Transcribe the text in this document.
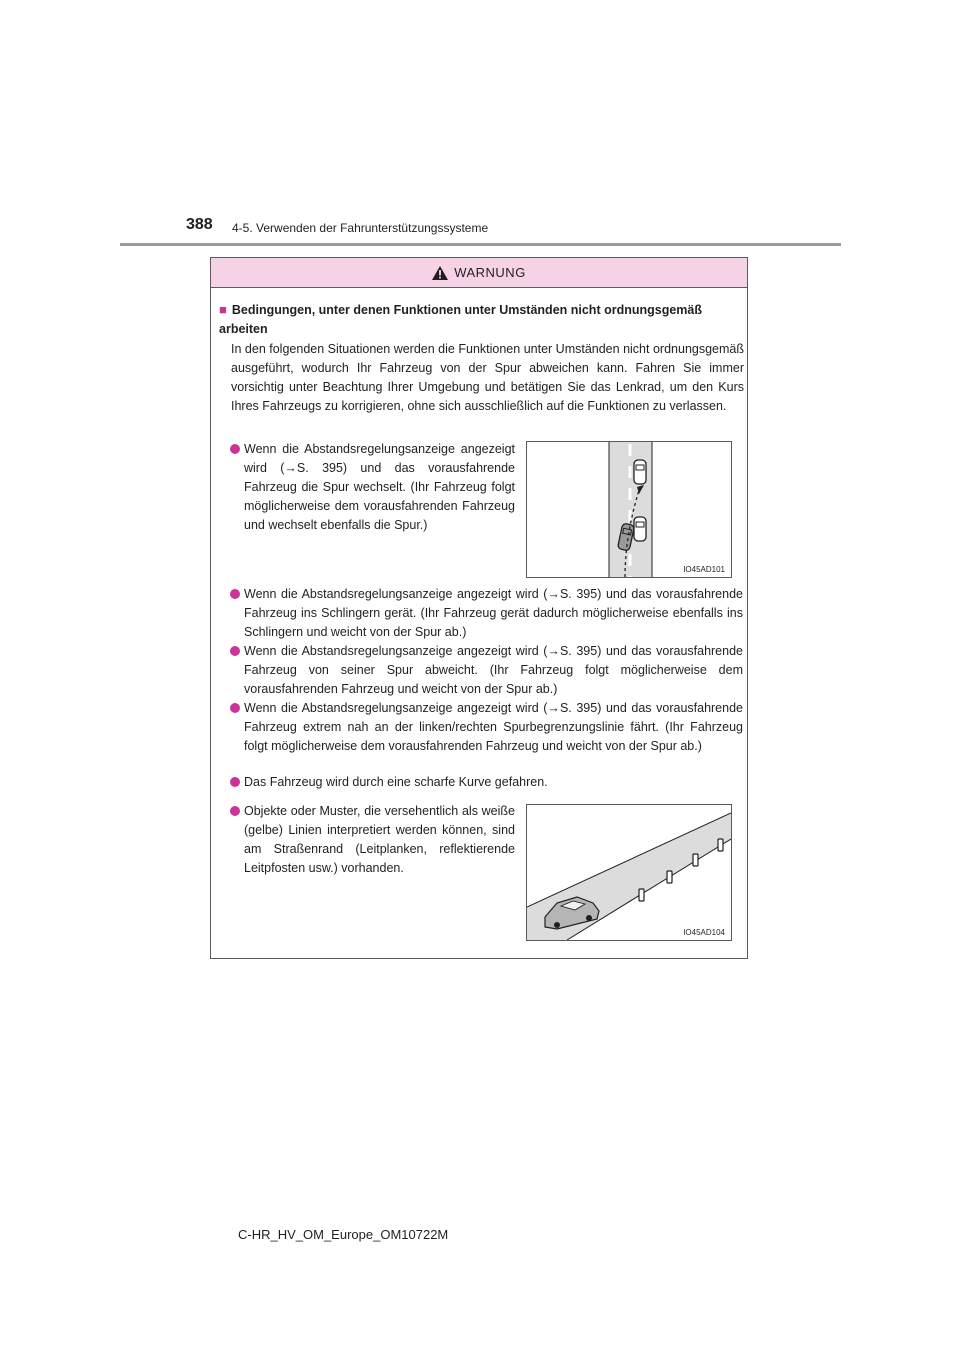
388 4-5. Verwenden der Fahrunterstützungssysteme
WARNUNG
■ Bedingungen, unter denen Funktionen unter Umständen nicht ordnungsgemäß arbeiten
In den folgenden Situationen werden die Funktionen unter Umständen nicht ordnungsgemäß ausgeführt, wodurch Ihr Fahrzeug von der Spur abweichen kann. Fahren Sie immer vorsichtig unter Beachtung Ihrer Umgebung und betätigen Sie das Lenkrad, um den Kurs Ihres Fahrzeugs zu korrigieren, ohne sich ausschließlich auf die Funktionen zu verlassen.
Wenn die Abstandsregelungsanzeige angezeigt wird (→S. 395) und das vorausfahrende Fahrzeug die Spur wechselt. (Ihr Fahrzeug folgt möglicherweise dem vorausfahrenden Fahrzeug und wechselt ebenfalls die Spur.)
IO45AD101
Wenn die Abstandsregelungsanzeige angezeigt wird (→S. 395) und das vorausfahrende Fahrzeug ins Schlingern gerät. (Ihr Fahrzeug gerät dadurch möglicherweise ebenfalls ins Schlingern und weicht von der Spur ab.)
Wenn die Abstandsregelungsanzeige angezeigt wird (→S. 395) und das vorausfahrende Fahrzeug von seiner Spur abweicht. (Ihr Fahrzeug folgt möglicherweise dem vorausfahrenden Fahrzeug und weicht von der Spur ab.)
Wenn die Abstandsregelungsanzeige angezeigt wird (→S. 395) und das vorausfahrende Fahrzeug extrem nah an der linken/rechten Spurbegrenzungslinie fährt. (Ihr Fahrzeug folgt möglicherweise dem vorausfahrenden Fahrzeug und weicht von der Spur ab.)
Das Fahrzeug wird durch eine scharfe Kurve gefahren.
Objekte oder Muster, die versehentlich als weiße (gelbe) Linien interpretiert werden können, sind am Straßenrand (Leitplanken, reflektierende Leitpfosten usw.) vorhanden.
IO45AD104
C-HR_HV_OM_Europe_OM10722M
